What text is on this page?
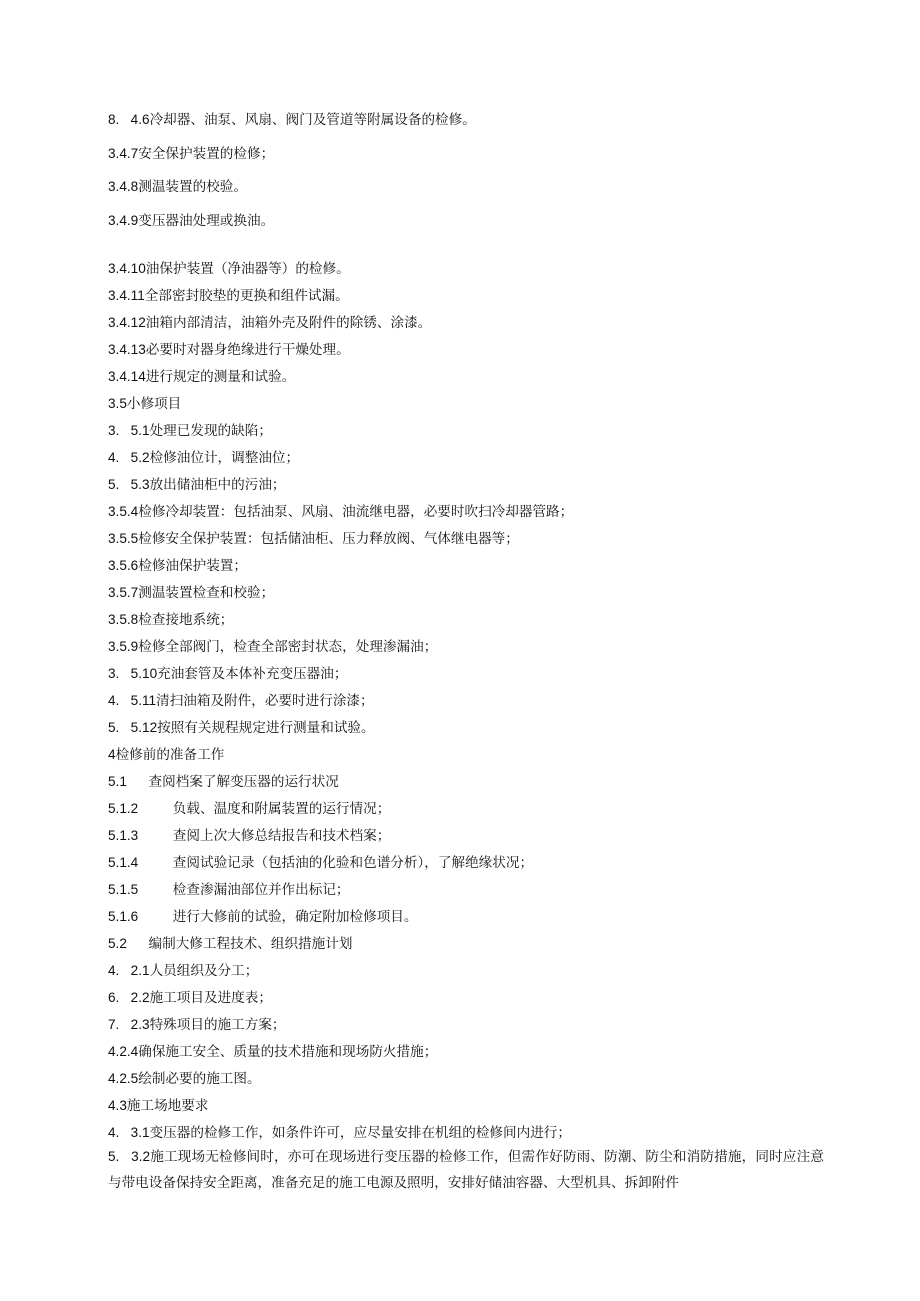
8.   4.6冷却器、油泵、风扇、阀门及管道等附属设备的检修。
3.4.7安全保护装置的检修；
3.4.8测温装置的校验。
3.4.9变压器油处理或换油。
3.4.10油保护装置（净油器等）的检修。
3.4.11全部密封胶垫的更换和组件试漏。
3.4.12油箱内部清洁，油箱外壳及附件的除锈、涂漆。
3.4.13必要时对器身绝缘进行干燥处理。
3.4.14进行规定的测量和试验。
3.5小修项目
3.   5.1处理已发现的缺陷；
4.   5.2检修油位计，调整油位；
5.   5.3放出储油柜中的污油；
3.5.4检修冷却装置：包括油泵、风扇、油流继电器，必要时吹扫冷却器管路；
3.5.5检修安全保护装置：包括储油柜、压力释放阀、气体继电器等；
3.5.6检修油保护装置；
3.5.7测温装置检查和校验；
3.5.8检查接地系统；
3.5.9检修全部阀门，检查全部密封状态，处理渗漏油；
3.   5.10充油套管及本体补充变压器油；
4.   5.11清扫油箱及附件，必要时进行涂漆；
5.   5.12按照有关规程规定进行测量和试验。
4检修前的准备工作
5.1     查阅档案了解变压器的运行状况
5.1.2        负载、温度和附属装置的运行情况；
5.1.3        查阅上次大修总结报告和技术档案；
5.1.4        查阅试验记录（包括油的化验和色谱分析），了解绝缘状况；
5.1.5        检查渗漏油部位并作出标记；
5.1.6        进行大修前的试验，确定附加检修项目。
5.2     编制大修工程技术、组织措施计划
4.   2.1人员组织及分工；
6.   2.2施工项目及进度表；
7.   2.3特殊项目的施工方案；
4.2.4确保施工安全、质量的技术措施和现场防火措施；
4.2.5绘制必要的施工图。
4.3施工场地要求
4.   3.1变压器的检修工作，如条件许可，应尽量安排在机组的检修间内进行；
5.   3.2施工现场无检修间时，亦可在现场进行变压器的检修工作，但需作好防雨、防潮、防尘和消防措施，同时应注意与带电设备保持安全距离，准备充足的施工电源及照明，安排好储油容器、大型机具、拆卸附件
